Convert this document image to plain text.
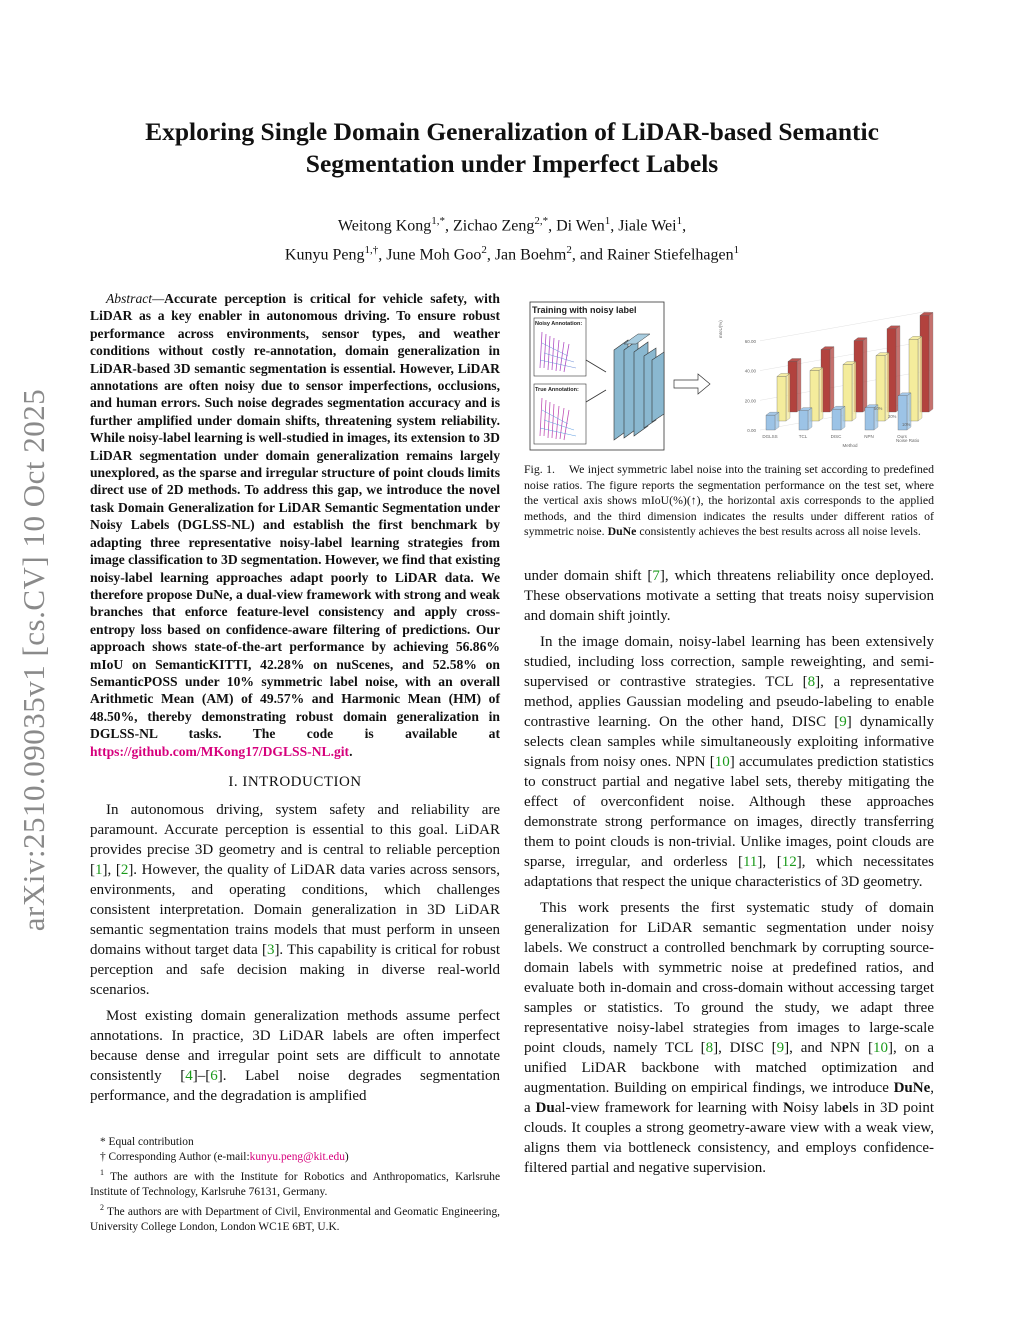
arXiv:2510.09035v1 [cs.CV] 10 Oct 2025
Exploring Single Domain Generalization of LiDAR-based Semantic Segmentation under Imperfect Labels
Weitong Kong$^{1,*}$, Zichao Zeng$^{2,*}$, Di Wen$^1$, Jiale Wei$^1$,
Kunyu Peng$^{1,\dagger}$, June Moh Goo$^2$, Jan Boehm$^2$, and Rainer Stiefelhagen$^1$

Abstract—Accurate perception is critical for vehicle safety, with LiDAR as a key enabler in autonomous driving. To ensure robust performance across environments, sensor types, and weather conditions without costly re-annotation, domain generalization in LiDAR-based 3D semantic segmentation is essential. However, LiDAR annotations are often noisy due to sensor imperfections, occlusions, and human errors. Such noise degrades segmentation accuracy and is further amplified under domain shifts, threatening system reliability. While noisy-label learning is well-studied in images, its extension to 3D LiDAR segmentation under domain generalization remains largely unexplored, as the sparse and irregular structure of point clouds limits direct use of 2D methods. To address this gap, we introduce the novel task Domain Generalization for LiDAR Semantic Segmentation under Noisy Labels (DGLSS-NL) and establish the first benchmark by adapting three representative noisy-label learning strategies from image classification to 3D segmentation. However, we find that existing noisy-label learning approaches adapt poorly to LiDAR data. We therefore propose DuNe, a dual-view framework with strong and weak branches that enforce feature-level consistency and apply cross-entropy loss based on confidence-aware filtering of predictions. Our approach shows state-of-the-art performance by achieving 56.86% mIoU on SemanticKITTI, 42.28% on nuScenes, and 52.58% on SemanticPOSS under 10% symmetric label noise, with an overall Arithmetic Mean (AM) of 49.57% and Harmonic Mean (HM) of 48.50%, thereby demonstrating robust domain generalization in DGLSS-NL tasks. The code is available at https://github.com/MKong17/DGLSS-NL.git.

I. INTRODUCTION

In autonomous driving, system safety and reliability are paramount. Accurate perception is essential to this goal. LiDAR provides precise 3D geometry and is central to reliable perception [1], [2]. However, the quality of LiDAR data varies across sensors, environments, and operating conditions, which challenges consistent interpretation. Domain generalization in 3D LiDAR semantic segmentation trains models that must perform in unseen domains without target data [3]. This capability is critical for robust perception and safe decision making in diverse real-world scenarios.

Most existing domain generalization methods assume perfect annotations. In practice, 3D LiDAR labels are often imperfect because dense and irregular point sets are difficult to annotate consistently [4]–[6]. Label noise degrades segmentation performance, and the degradation is amplified

* Equal contribution

† Corresponding Author (e-mail:kunyu.peng@kit.edu)

$^1$ The authors are with the Institute for Robotics and Anthropomatics, Karlsruhe Institute of Technology, Karlsruhe 76131, Germany.

$^2$ The authors are with Department of Civil, Environmental and Geomatic Engineering, University College London, London WC1E 6BT, U.K.

Training with noisy label
Noisy Annotation:
True Annotation:
0.00
20.00
40.00
60.00
mIoU(%)
DGLSS	TCL	DISC	NPN	Ours
Method
10%
20%
50%
Noise Ratio
Fig. 1. We inject symmetric label noise into the training set according to predefined noise ratios. The figure reports the segmentation performance on the test set, where the vertical axis shows mIoU(%)(↑), the horizontal axis corresponds to the applied methods, and the third dimension indicates the results under different ratios of symmetric noise. DuNe consistently achieves the best results across all noise levels.

under domain shift [7], which threatens reliability once deployed. These observations motivate a setting that treats noisy supervision and domain shift jointly.

In the image domain, noisy-label learning has been extensively studied, including loss correction, sample reweighting, and semi-supervised or contrastive strategies. TCL [8], a representative method, applies Gaussian modeling and pseudo-labeling to enable contrastive learning. On the other hand, DISC [9] dynamically selects clean samples while simultaneously exploiting informative signals from noisy ones. NPN [10] accumulates prediction statistics to construct partial and negative label sets, thereby mitigating the effect of overconfident noise. Although these approaches demonstrate strong performance on images, directly transferring them to point clouds is non-trivial. Unlike images, point clouds are sparse, irregular, and orderless [11], [12], which necessitates adaptations that respect the unique characteristics of 3D geometry.

This work presents the first systematic study of domain generalization for LiDAR semantic segmentation under noisy labels. We construct a controlled benchmark by corrupting source-domain labels with symmetric noise at predefined ratios, and evaluate both in-domain and cross-domain without accessing target samples or statistics. To ground the study, we adapt three representative noisy-label strategies from images to large-scale point clouds, namely TCL [8], DISC [9], and NPN [10], on a unified LiDAR backbone with matched optimization and augmentation. Building on empirical findings, we introduce DuNe, a Dual-view framework for learning with Noisy labels in 3D point clouds. It couples a strong geometry-aware view with a weak view, aligns them via bottleneck consistency, and employs confidence-filtered partial and negative supervision.
